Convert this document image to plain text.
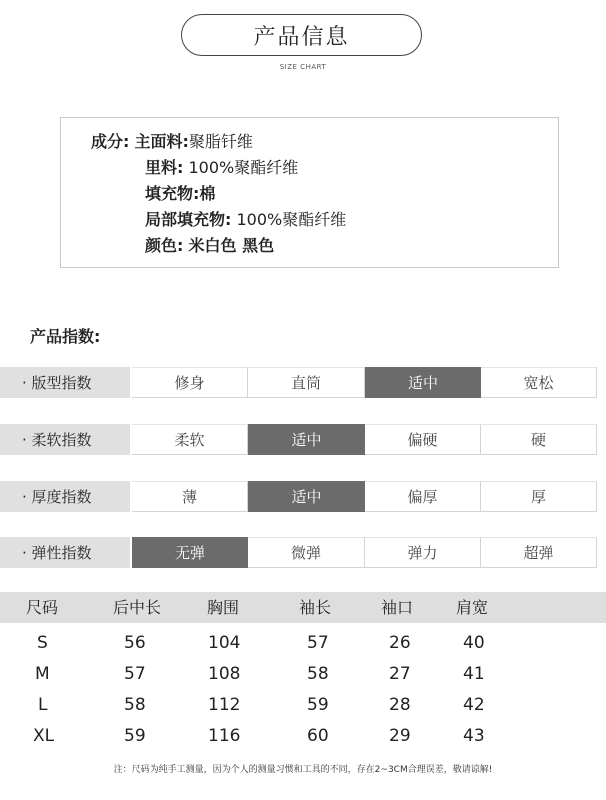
产品信息
SIZE CHART
成分: 主面料:聚脂钎维
里料: 100%聚酯纤维
填充物:棉
局部填充物: 100%聚酯纤维
颜色: 米白色 黑色
产品指数:
· 版型指数	修身	直筒	适中	宽松
· 柔软指数	柔软	适中	偏硬	硬
· 厚度指数	薄	适中	偏厚	厚
· 弹性指数	无弹	微弹	弹力	超弹
尺码	后中长	胸围	袖长	袖口	肩宽
S	56	104	57	26	40
M	57	108	58	27	41
L	58	112	59	28	42
XL	59	116	60	29	43
注：尺码为纯手工测量，因为个人的测量习惯和工具的不同，存在2~3CM合理误差，敬请谅解!
